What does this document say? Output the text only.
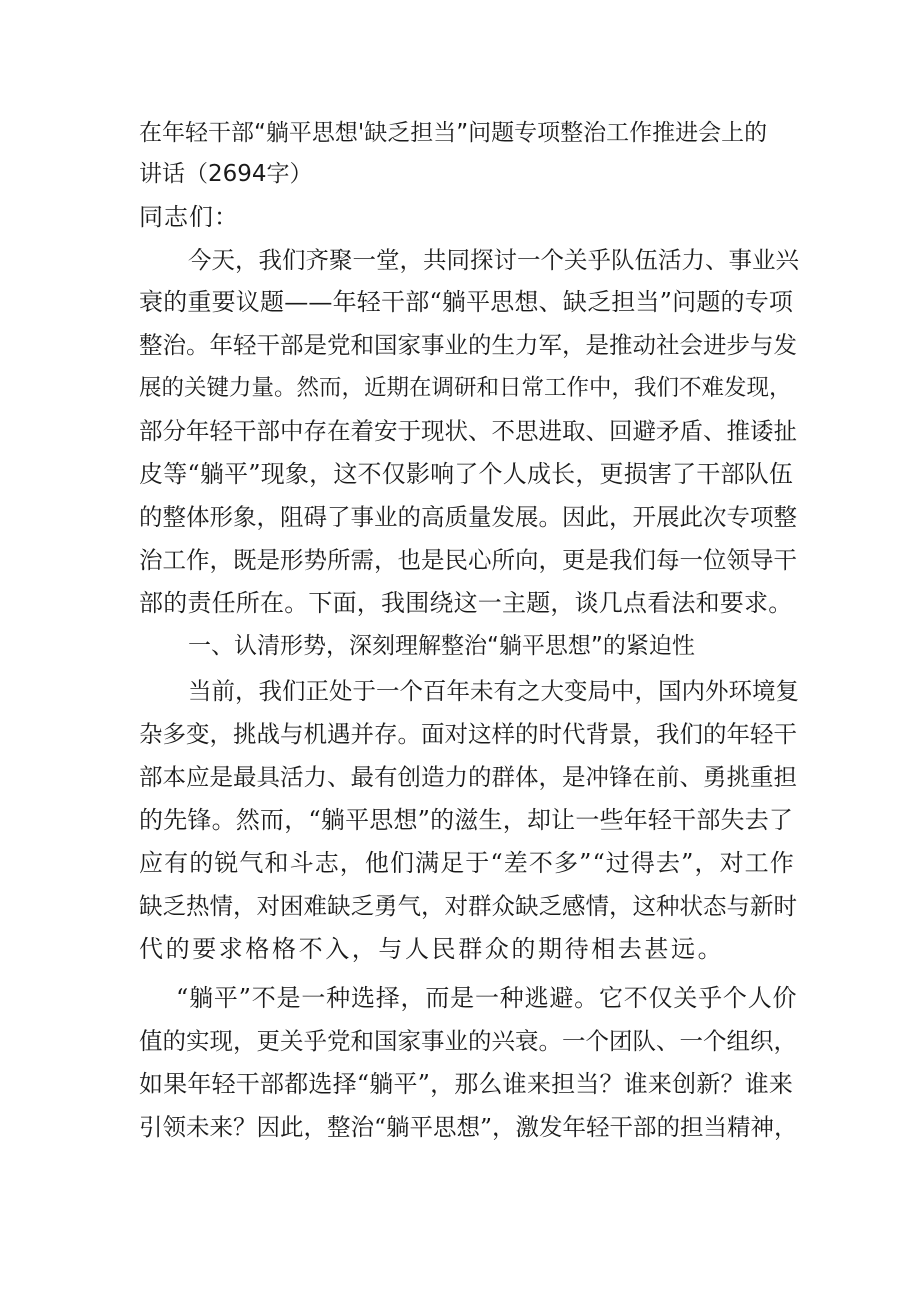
在年轻干部“躺平思想'缺乏担当”问题专项整治工作推进会上的
讲话（2694字）
同志们：
今天，我们齐聚一堂，共同探讨一个关乎队伍活力、事业兴
衰的重要议题——年轻干部“躺平思想、缺乏担当”问题的专项
整治。年轻干部是党和国家事业的生力军，是推动社会进步与发
展的关键力量。然而，近期在调研和日常工作中，我们不难发现，
部分年轻干部中存在着安于现状、不思进取、回避矛盾、推诿扯
皮等“躺平”现象，这不仅影响了个人成长，更损害了干部队伍
的整体形象，阻碍了事业的高质量发展。因此，开展此次专项整
治工作，既是形势所需，也是民心所向，更是我们每一位领导干
部的责任所在。下面，我围绕这一主题，谈几点看法和要求。
一、认清形势，深刻理解整治“躺平思想”的紧迫性
当前，我们正处于一个百年未有之大变局中，国内外环境复
杂多变，挑战与机遇并存。面对这样的时代背景，我们的年轻干
部本应是最具活力、最有创造力的群体，是冲锋在前、勇挑重担
的先锋。然而，“躺平思想”的滋生，却让一些年轻干部失去了
应有的锐气和斗志，他们满足于“差不多”“过得去”，对工作
缺乏热情，对困难缺乏勇气，对群众缺乏感情，这种状态与新时
代的要求格格不入，与人民群众的期待相去甚远。
“躺平”不是一种选择，而是一种逃避。它不仅关乎个人价
值的实现，更关乎党和国家事业的兴衰。一个团队、一个组织，
如果年轻干部都选择“躺平”，那么谁来担当？谁来创新？谁来
引领未来？因此，整治“躺平思想”，激发年轻干部的担当精神，
